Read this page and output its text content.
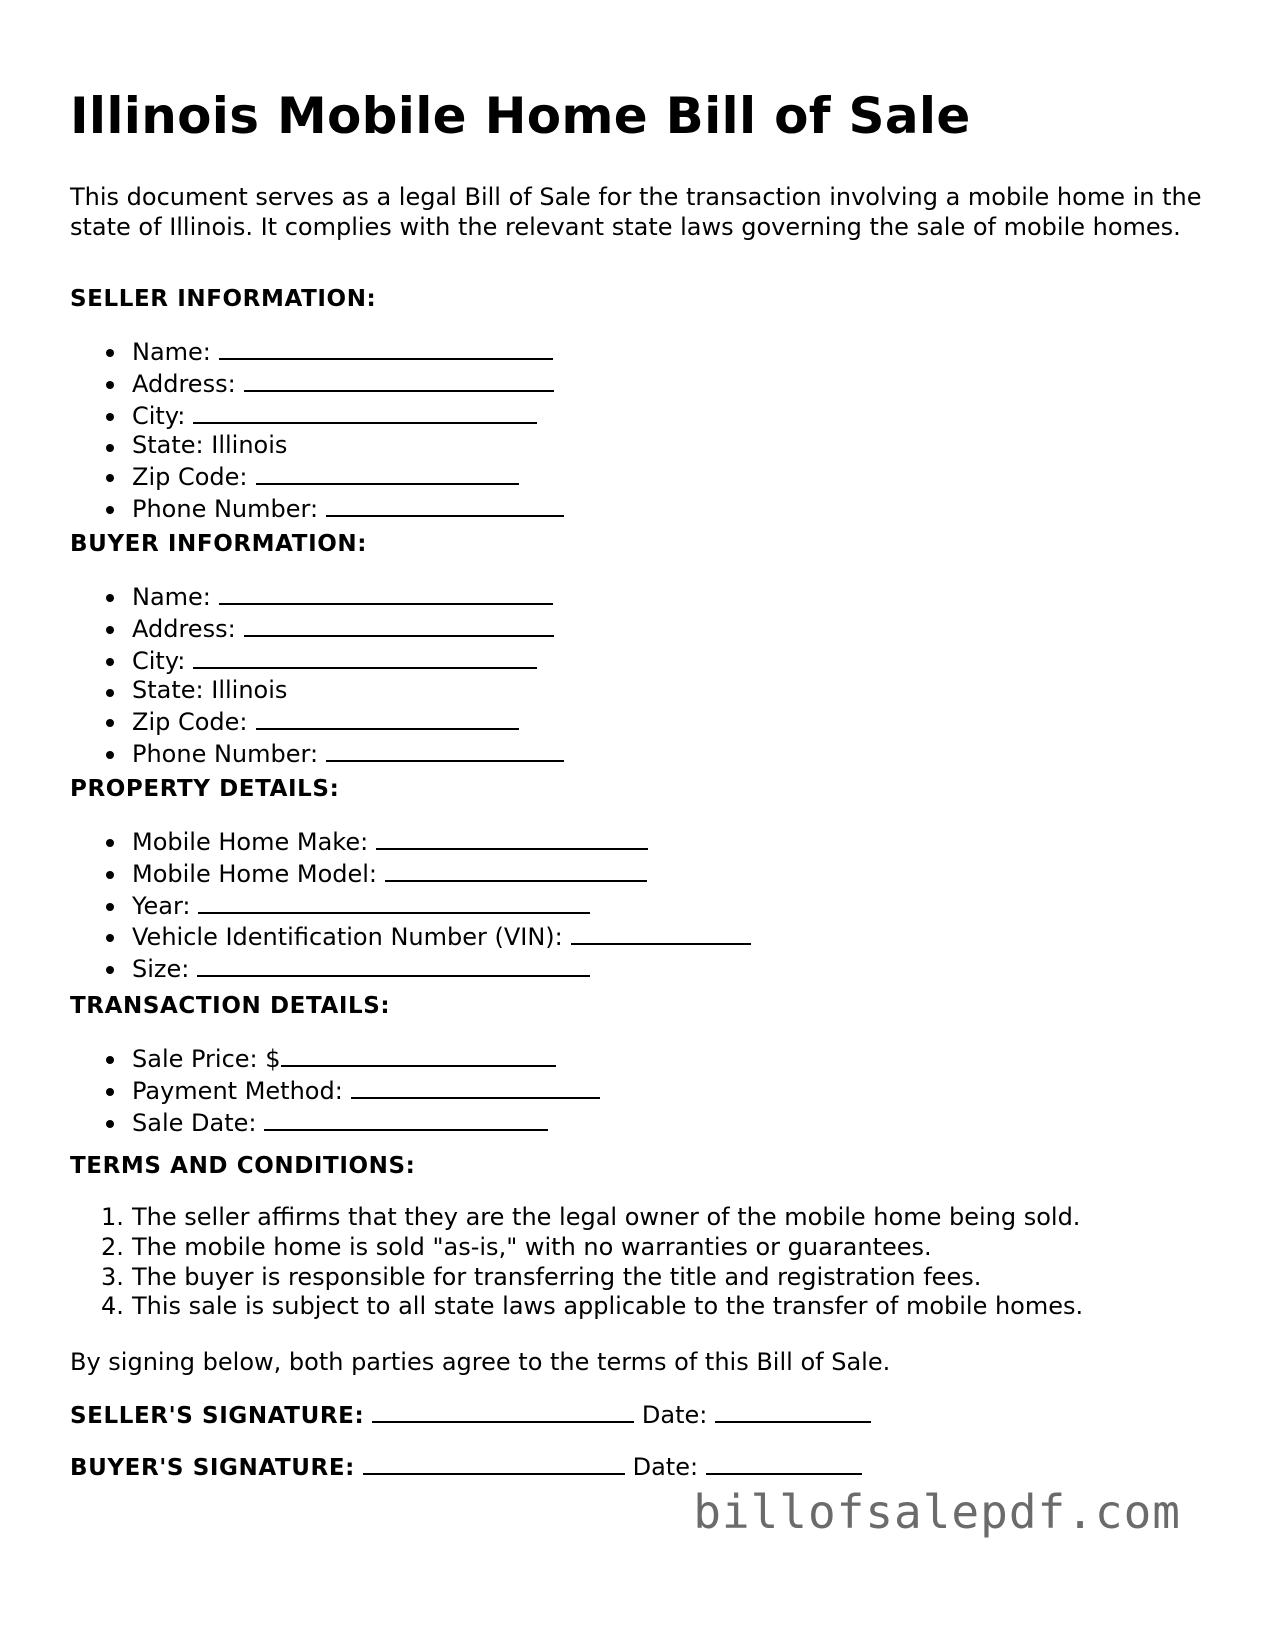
Illinois Mobile Home Bill of Sale

This document serves as a legal Bill of Sale for the transaction involving a mobile home in the state of Illinois. It complies with the relevant state laws governing the sale of mobile homes.

SELLER INFORMATION:
Name:
Address:
City:
State: Illinois
Zip Code:
Phone Number:
BUYER INFORMATION:
Name:
Address:
City:
State: Illinois
Zip Code:
Phone Number:
PROPERTY DETAILS:
Mobile Home Make:
Mobile Home Model:
Year:
Vehicle Identification Number (VIN):
Size:
TRANSACTION DETAILS:
Sale Price: $
Payment Method:
Sale Date:
TERMS AND CONDITIONS:
1. The seller affirms that they are the legal owner of the mobile home being sold.
2. The mobile home is sold "as-is," with no warranties or guarantees.
3. The buyer is responsible for transferring the title and registration fees.
4. This sale is subject to all state laws applicable to the transfer of mobile homes.

By signing below, both parties agree to the terms of this Bill of Sale.

SELLER'S SIGNATURE:	Date:

BUYER'S SIGNATURE:	Date:

billofsalepdf.com
